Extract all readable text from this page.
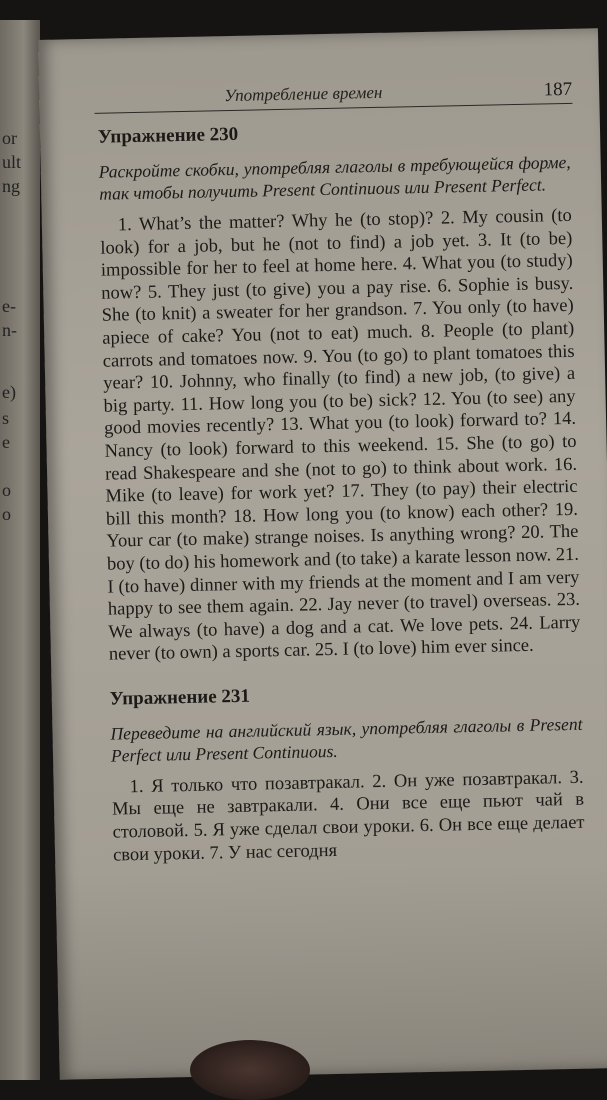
or
ult
ng
e-
n-
e)
s
e
o
o
Употребление времен	187

Упражнение 230

Раскройте скобки, употребляя глаголы в требующейся форме, так чтобы получить Present Continuous или Present Perfect.

1. What’s the matter? Why he (to stop)? 2. My cousin (to look) for a job, but he (not to find) a job yet. 3. It (to be) impossible for her to feel at home here. 4. What you (to study) now? 5. They just (to give) you a pay rise. 6. Sophie is busy. She (to knit) a sweater for her grandson. 7. You only (to have) apiece of cake? You (not to eat) much. 8. People (to plant) carrots and tomatoes now. 9. You (to go) to plant tomatoes this year? 10. Johnny, who finally (to find) a new job, (to give) a big party. 11. How long you (to be) sick? 12. You (to see) any good movies recently? 13. What you (to look) forward to? 14. Nancy (to look) forward to this weekend. 15. She (to go) to read Shakespeare and she (not to go) to think about work. 16. Mike (to leave) for work yet? 17. They (to pay) their electric bill this month? 18. How long you (to know) each other? 19. Your car (to make) strange noises. Is anything wrong? 20. The boy (to do) his homework and (to take) a karate lesson now. 21. I (to have) dinner with my friends at the moment and I am very happy to see them again. 22. Jay never (to travel) overseas. 23. We always (to have) a dog and a cat. We love pets. 24. Larry never (to own) a sports car. 25. I (to love) him ever since.

Упражнение 231

Переведите на английский язык, употребляя глаголы в Present Perfect или Present Continuous.

1. Я только что позавтракал. 2. Он уже позавтракал. 3. Мы еще не завтракали. 4. Они все еще пьют чай в столовой. 5. Я уже сделал свои уроки. 6. Он все еще делает свои уроки. 7. У нас сегодня
